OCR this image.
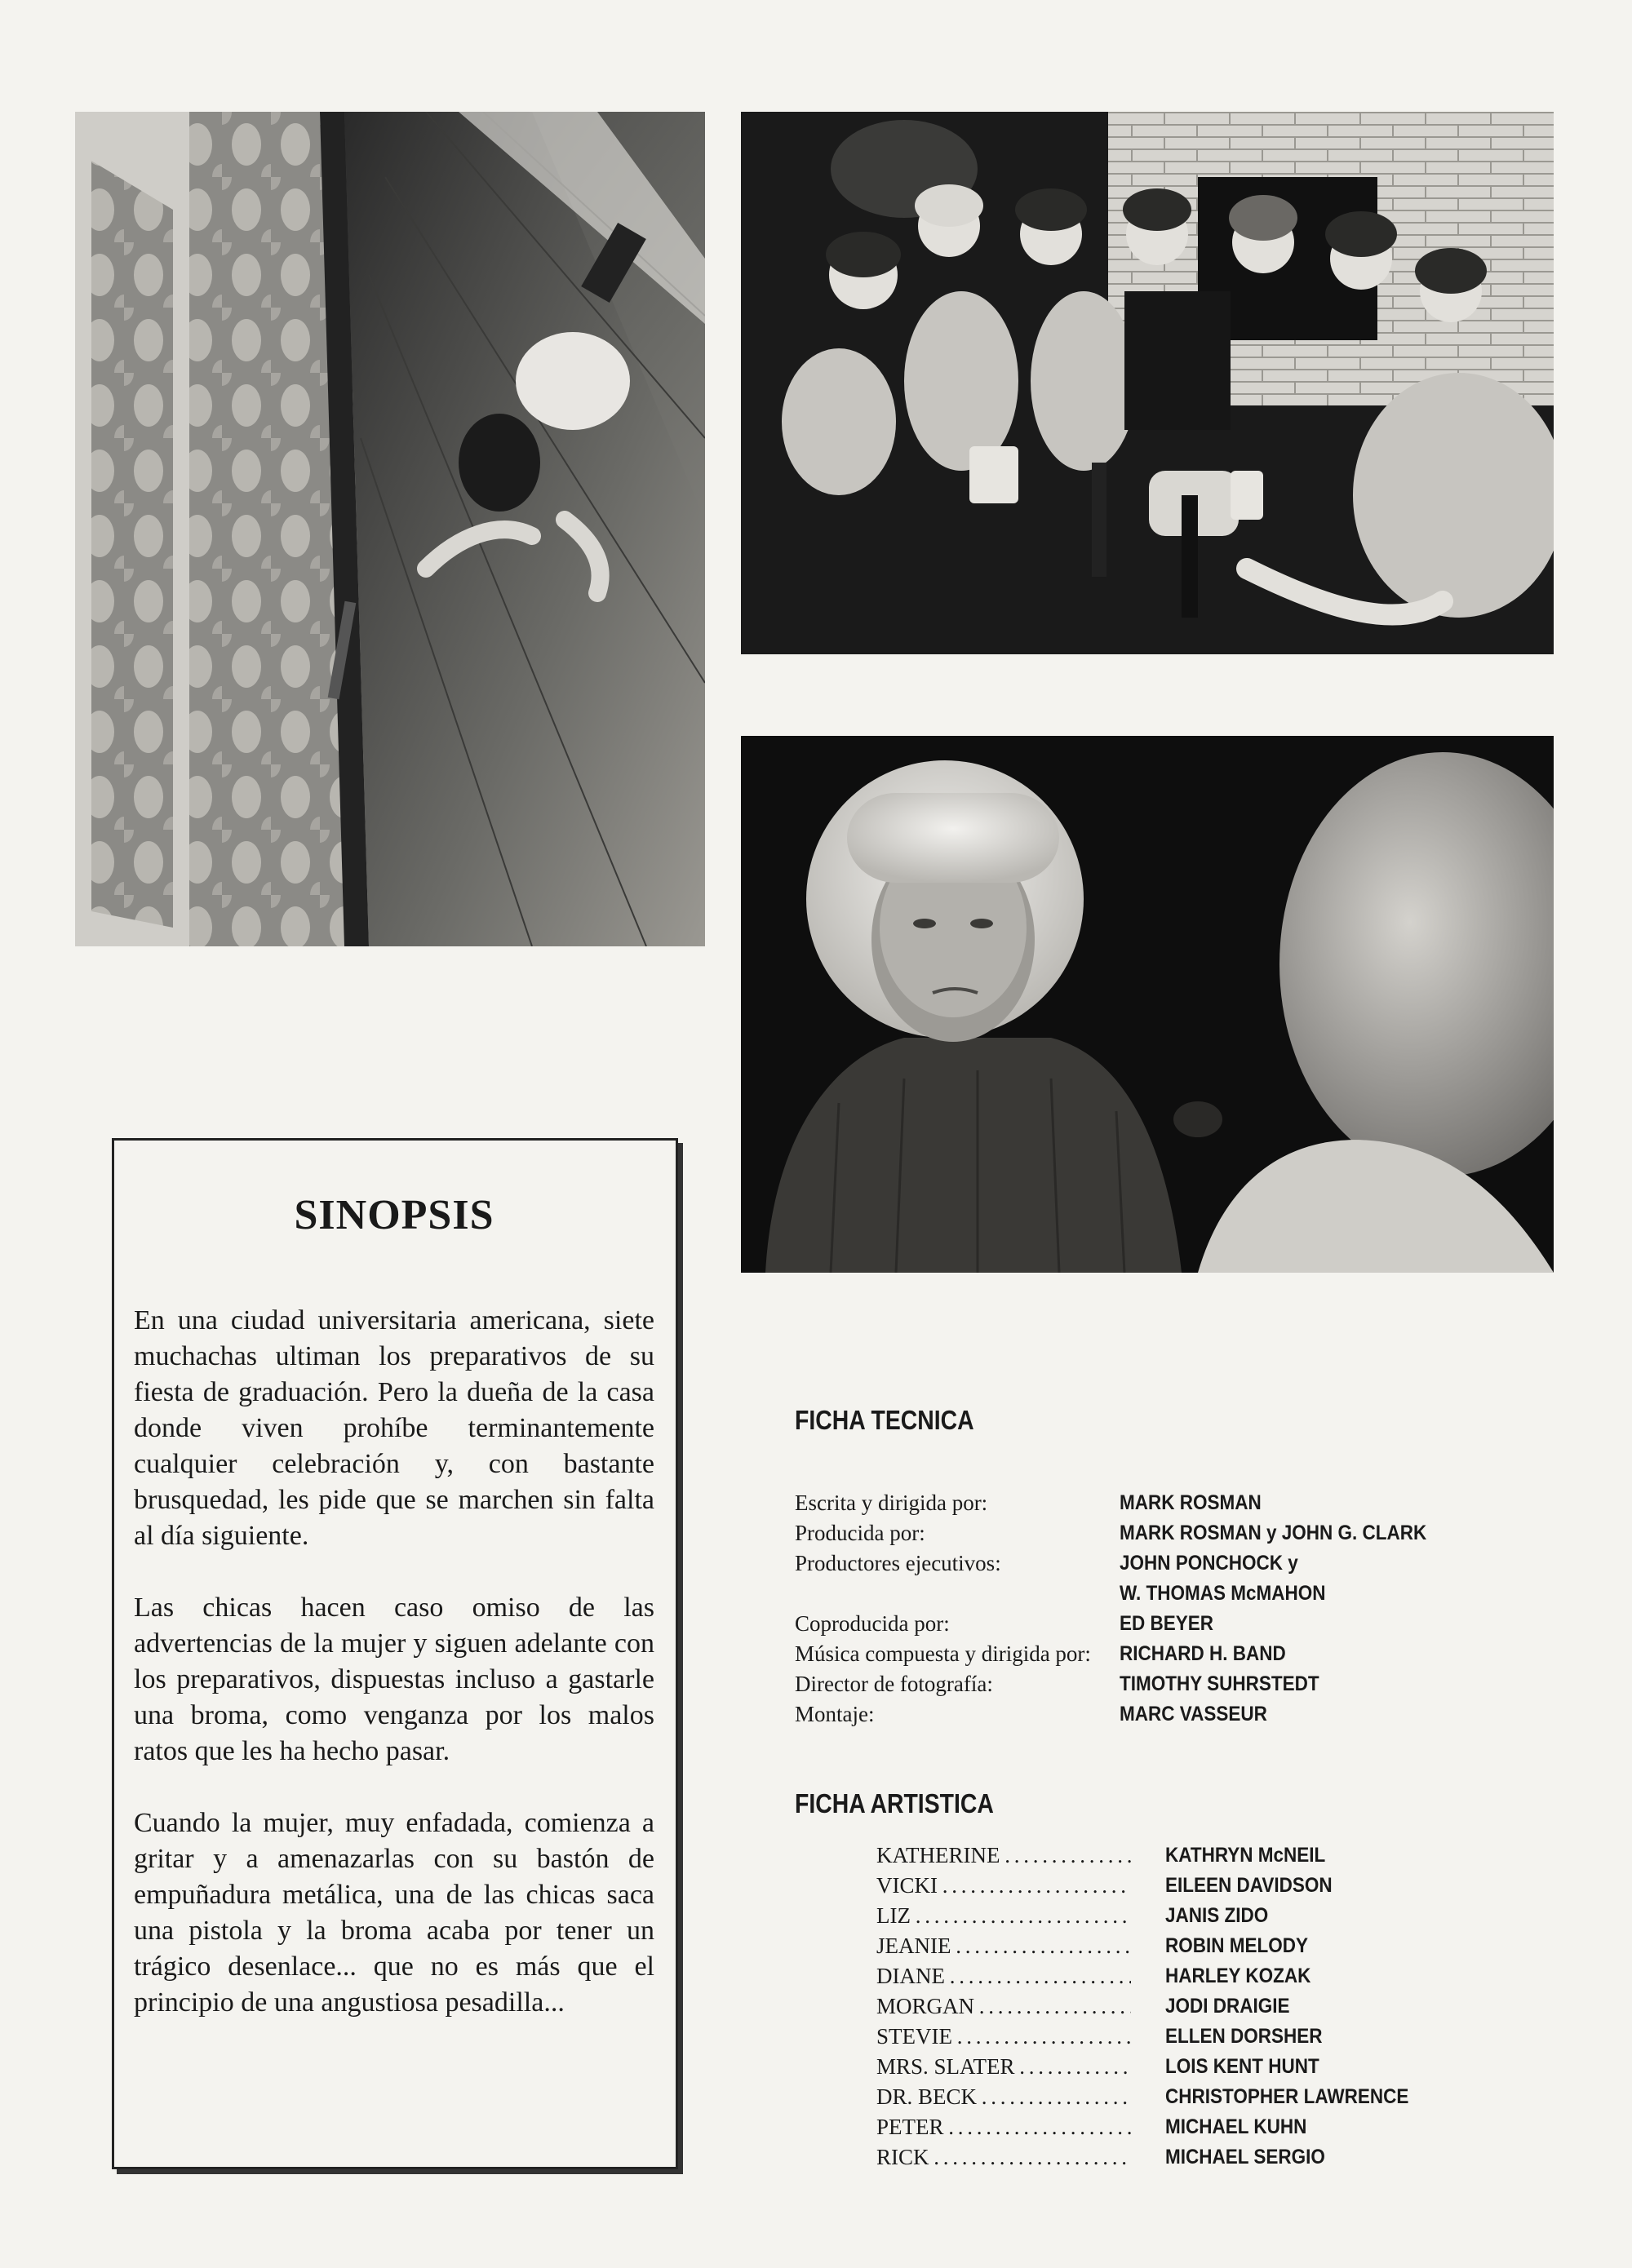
SINOPSIS

En una ciudad universitaria americana, siete muchachas ultiman los preparativos de su fiesta de graduación. Pero la dueña de la casa donde viven prohíbe terminantemente cualquier celebración y, con bastante brusquedad, les pide que se marchen sin falta al día siguiente.

Las chicas hacen caso omiso de las advertencias de la mujer y siguen adelante con los preparativos, dispuestas incluso a gastarle una broma, como venganza por los malos ratos que les ha hecho pasar.

Cuando la mujer, muy enfadada, comienza a gritar y a amenazarlas con su bastón de empuñadura metálica, una de las chicas saca una pistola y la broma acaba por tener un trágico desenlace... que no es más que el principio de una angustiosa pesadilla...

FICHA TECNICA
Escrita y dirigida por:	MARK ROSMAN
Producida por:	MARK ROSMAN y JOHN G. CLARK
Productores ejecutivos:	JOHN PONCHOCK y
W. THOMAS McMAHON
Coproducida por:	ED BEYER
Música compuesta y dirigida por: RICHARD H. BAND
Director de fotografía:	TIMOTHY SUHRSTEDT
Montaje:	MARC VASSEUR
FICHA ARTISTICA
KATHERINE . . .	KATHRYN McNEIL
VICKI . . .	EILEEN DAVIDSON
LIZ . . .	JANIS ZIDO
JEANIE . . .	ROBIN MELODY
DIANE . . .	HARLEY KOZAK
MORGAN . . .	JODI DRAIGIE
STEVIE . . .	ELLEN DORSHER
MRS. SLATER . . .	LOIS KENT HUNT
DR. BECK . . .	CHRISTOPHER LAWRENCE
PETER . . .	MICHAEL KUHN
RICK . . .	MICHAEL SERGIO
